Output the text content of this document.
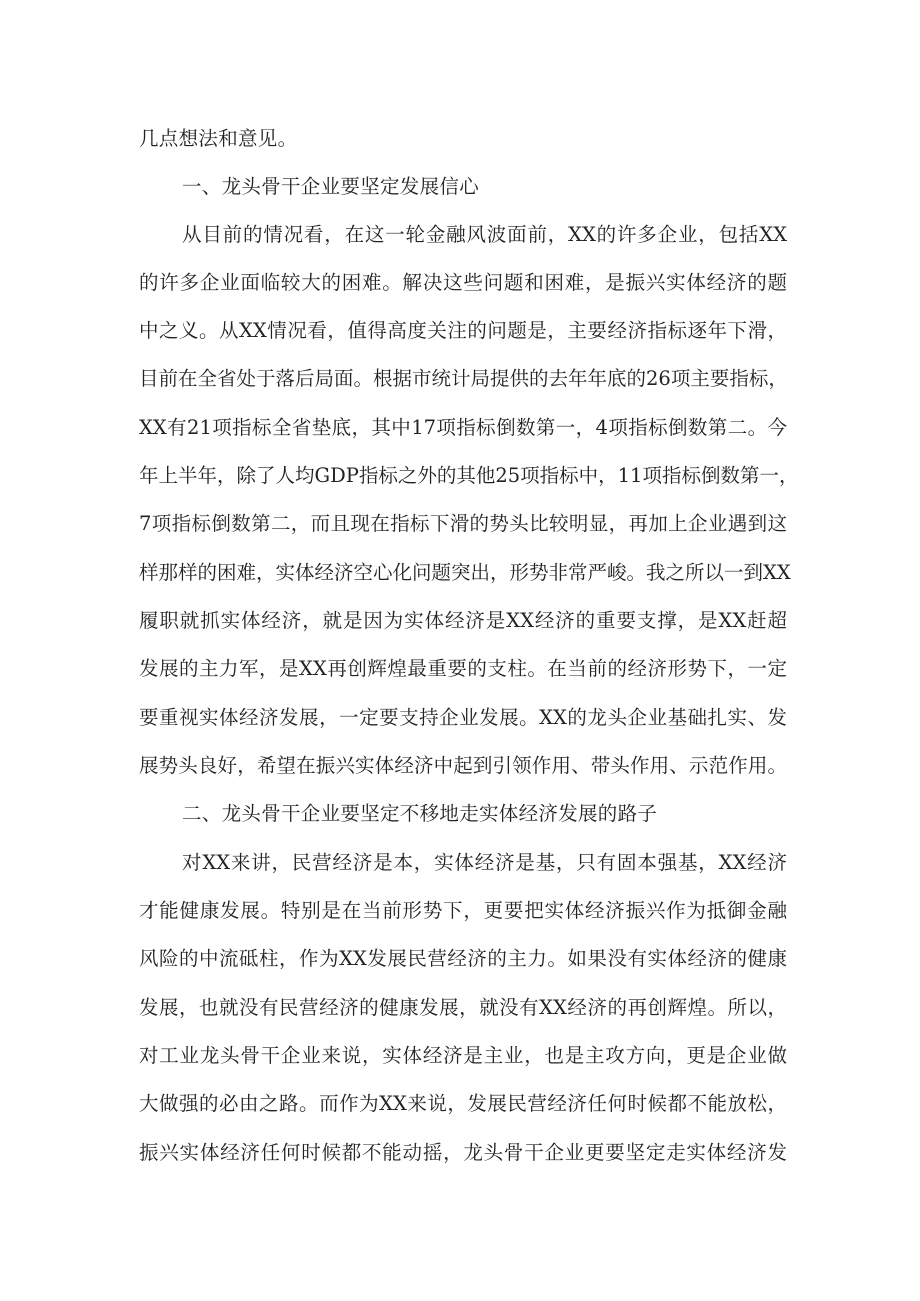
几点想法和意见。
一、龙头骨干企业要坚定发展信心
从目前的情况看，在这一轮金融风波面前，XX的许多企业，包括XX
的许多企业面临较大的困难。解决这些问题和困难，是振兴实体经济的题
中之义。从XX情况看，值得高度关注的问题是，主要经济指标逐年下滑，
目前在全省处于落后局面。根据市统计局提供的去年年底的26项主要指标，
XX有21项指标全省垫底，其中17项指标倒数第一，4项指标倒数第二。今
年上半年，除了人均GDP指标之外的其他25项指标中，11项指标倒数第一，
7项指标倒数第二，而且现在指标下滑的势头比较明显，再加上企业遇到这
样那样的困难，实体经济空心化问题突出，形势非常严峻。我之所以一到XX
履职就抓实体经济，就是因为实体经济是XX经济的重要支撑，是XX赶超
发展的主力军，是XX再创辉煌最重要的支柱。在当前的经济形势下，一定
要重视实体经济发展，一定要支持企业发展。XX的龙头企业基础扎实、发
展势头良好，希望在振兴实体经济中起到引领作用、带头作用、示范作用。
二、龙头骨干企业要坚定不移地走实体经济发展的路子
对XX来讲，民营经济是本，实体经济是基，只有固本强基，XX经济
才能健康发展。特别是在当前形势下，更要把实体经济振兴作为抵御金融
风险的中流砥柱，作为XX发展民营经济的主力。如果没有实体经济的健康
发展，也就没有民营经济的健康发展，就没有XX经济的再创辉煌。所以，
对工业龙头骨干企业来说，实体经济是主业，也是主攻方向，更是企业做
大做强的必由之路。而作为XX来说，发展民营经济任何时候都不能放松，
振兴实体经济任何时候都不能动摇，龙头骨干企业更要坚定走实体经济发
